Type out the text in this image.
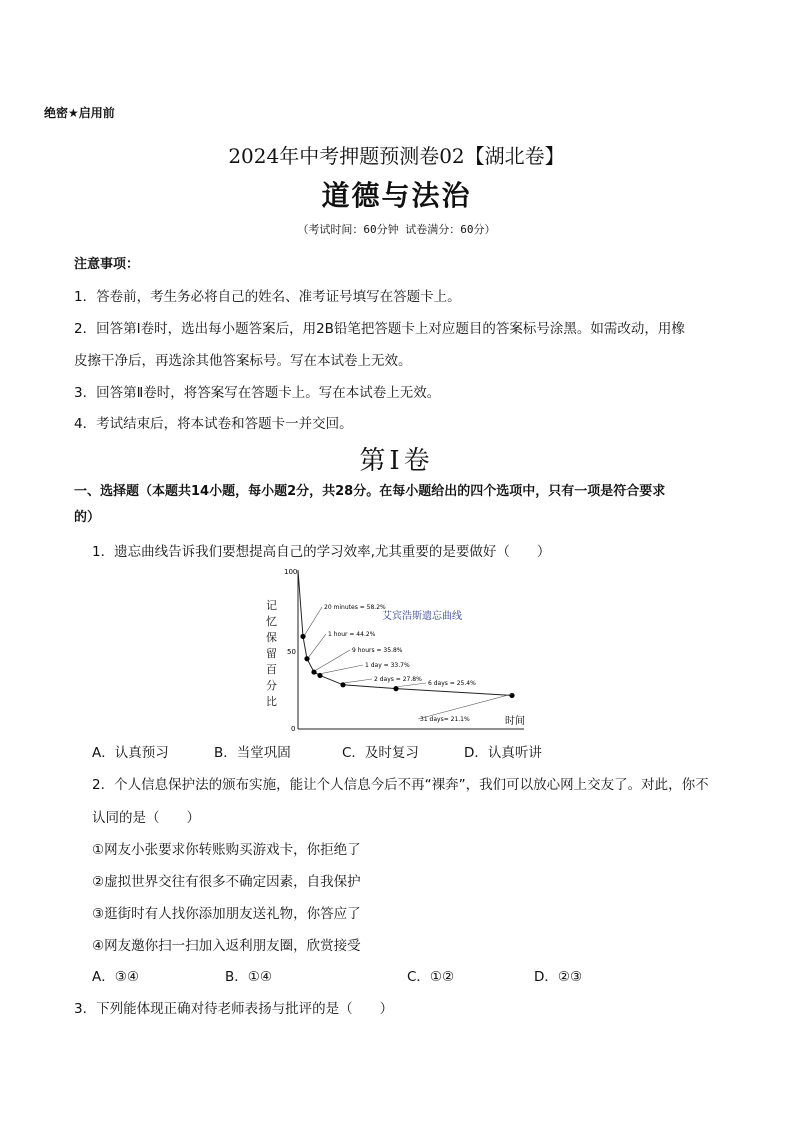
绝密★启用前
2024年中考押题预测卷02【湖北卷】
道德与法治
（考试时间：60分钟 试卷满分：60分）
注意事项：
1．答卷前，考生务必将自己的姓名、准考证号填写在答题卡上。
2．回答第Ⅰ卷时，选出每小题答案后，用2B铅笔把答题卡上对应题目的答案标号涂黑。如需改动，用橡
皮擦干净后，再选涂其他答案标号。写在本试卷上无效。
3．回答第Ⅱ卷时，将答案写在答题卡上。写在本试卷上无效。
4．考试结束后，将本试卷和答题卡一并交回。
第Ⅰ卷
一、选择题（本题共14小题，每小题2分，共28分。在每小题给出的四个选项中，只有一项是符合要求
的）
1．遗忘曲线告诉我们要想提高自己的学习效率,尤其重要的是要做好（　　）
艾宾浩斯遗忘曲线
100
50
0
记忆保留百分比
时间
20 minutes = 58.2%
1 hour = 44.2%
9 hours = 35.8%
1 day = 33.7%
2 days = 27.8%
6 days = 25.4%
31 days= 21.1%
A．认真预习	B．当堂巩固	C．及时复习	D．认真听讲
2．个人信息保护法的颁布实施，能让个人信息今后不再“裸奔”，我们可以放心网上交友了。对此，你不
认同的是（　　）
①网友小张要求你转账购买游戏卡，你拒绝了
②虚拟世界交往有很多不确定因素，自我保护
③逛街时有人找你添加朋友送礼物，你答应了
④网友邀你扫一扫加入返利朋友圈，欣赏接受
A．③④	B．①④	C．①②	D．②③
3．下列能体现正确对待老师表扬与批评的是（　　）
